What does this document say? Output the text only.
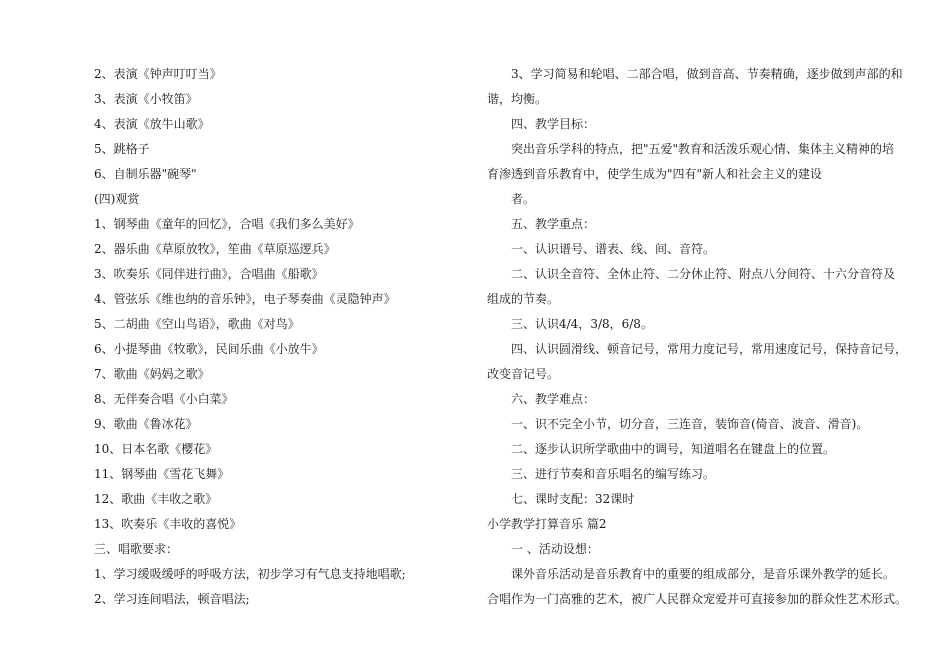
2、表演《钟声叮叮当》
3、表演《小牧笛》
4、表演《放牛山歌》
5、跳格子
6、自制乐器"碗琴"
(四)观赏
1、钢琴曲《童年的回忆》，合唱《我们多么美好》
2、器乐曲《草原放牧》，笙曲《草原巡逻兵》
3、吹奏乐《同伴进行曲》，合唱曲《船歌》
4、管弦乐《维也纳的音乐钟》，电子琴奏曲《灵隐钟声》
5、二胡曲《空山鸟语》，歌曲《对鸟》
6、小提琴曲《牧歌》，民间乐曲《小放牛》
7、歌曲《妈妈之歌》
8、无伴奏合唱《小白菜》
9、歌曲《鲁冰花》
10、日本名歌《樱花》
11、钢琴曲《雪花飞舞》
12、歌曲《丰收之歌》
13、吹奏乐《丰收的喜悦》
三、唱歌要求：
1、学习缓吸缓呼的呼吸方法，初步学习有气息支持地唱歌;
2、学习连间唱法，顿音唱法;
3、学习简易和轮唱、二部合唱，做到音高、节奏精确，逐步做到声部的和
谐，均衡。
四、教学目标：
突出音乐学科的特点，把"五爱"教育和活泼乐观心情、集体主义精神的培
育渗透到音乐教育中，使学生成为"四有"新人和社会主义的建设
者。
五、教学重点：
一、认识谱号、谱表、线、间、音符。
二、认识全音符、全休止符、二分休止符、附点八分间符、十六分音符及
组成的节奏。
三、认识4/4，3/8，6/8。
四、认识圆滑线、顿音记号，常用力度记号，常用速度记号，保持音记号，
改变音记号。
六、教学难点：
一、识不完全小节，切分音，三连音，装饰音(倚音、波音、滑音)。
二、逐步认识所学歌曲中的调号，知道唱名在键盘上的位置。
三、进行节奏和音乐唱名的编写练习。
七、课时支配：32课时
小学教学打算音乐 篇2
一 、活动设想：
课外音乐活动是音乐教育中的重要的组成部分，是音乐课外教学的延长。
合唱作为一门高雅的艺术，被广人民群众宠爱并可直接参加的群众性艺术形式。
